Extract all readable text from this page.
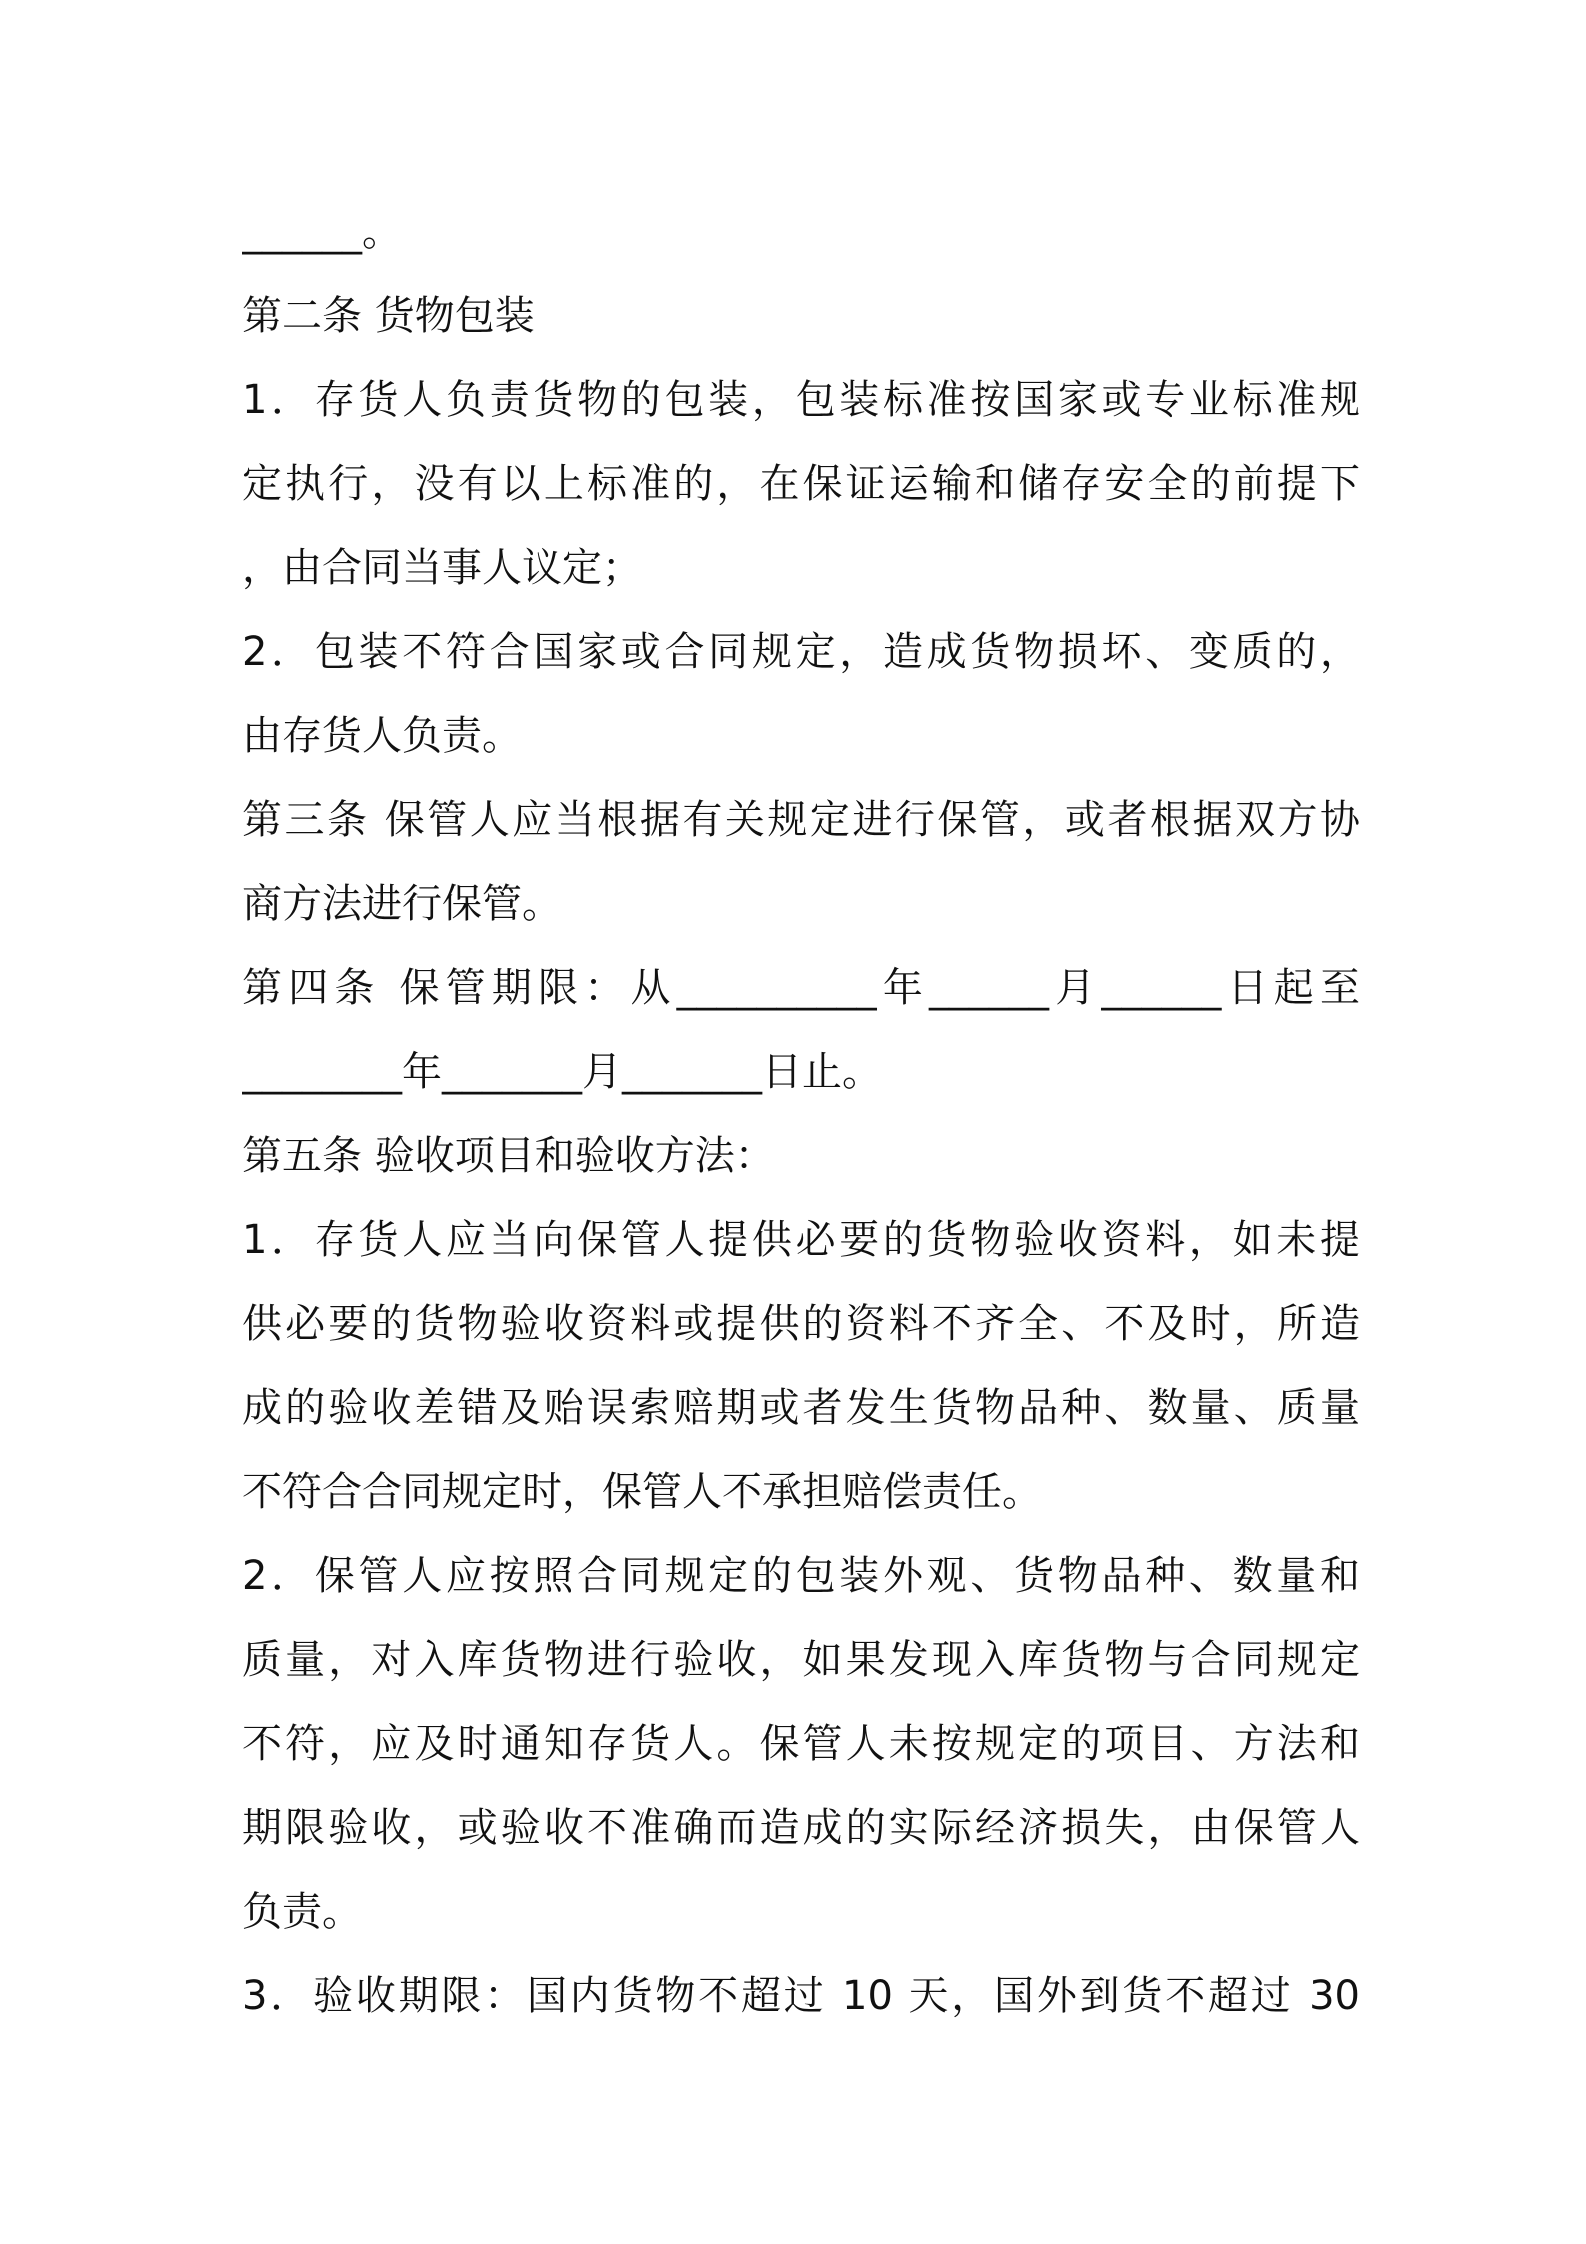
______。
第二条 货物包装
1．存货人负责货物的包装，包装标准按国家或专业标准规
定执行，没有以上标准的，在保证运输和储存安全的前提下
，由合同当事人议定；
2．包装不符合国家或合同规定，造成货物损坏、变质的，
由存货人负责。
第三条 保管人应当根据有关规定进行保管，或者根据双方协
商方法进行保管。
第四条 保管期限：从__________年______月______日起至
________年_______月_______日止。
第五条 验收项目和验收方法：
1．存货人应当向保管人提供必要的货物验收资料，如未提
供必要的货物验收资料或提供的资料不齐全、不及时，所造
成的验收差错及贻误索赔期或者发生货物品种、数量、质量
不符合合同规定时，保管人不承担赔偿责任。
2．保管人应按照合同规定的包装外观、货物品种、数量和
质量，对入库货物进行验收，如果发现入库货物与合同规定
不符，应及时通知存货人。保管人未按规定的项目、方法和
期限验收，或验收不准确而造成的实际经济损失，由保管人
负责。
3．验收期限：国内货物不超过 10 天，国外到货不超过 30
